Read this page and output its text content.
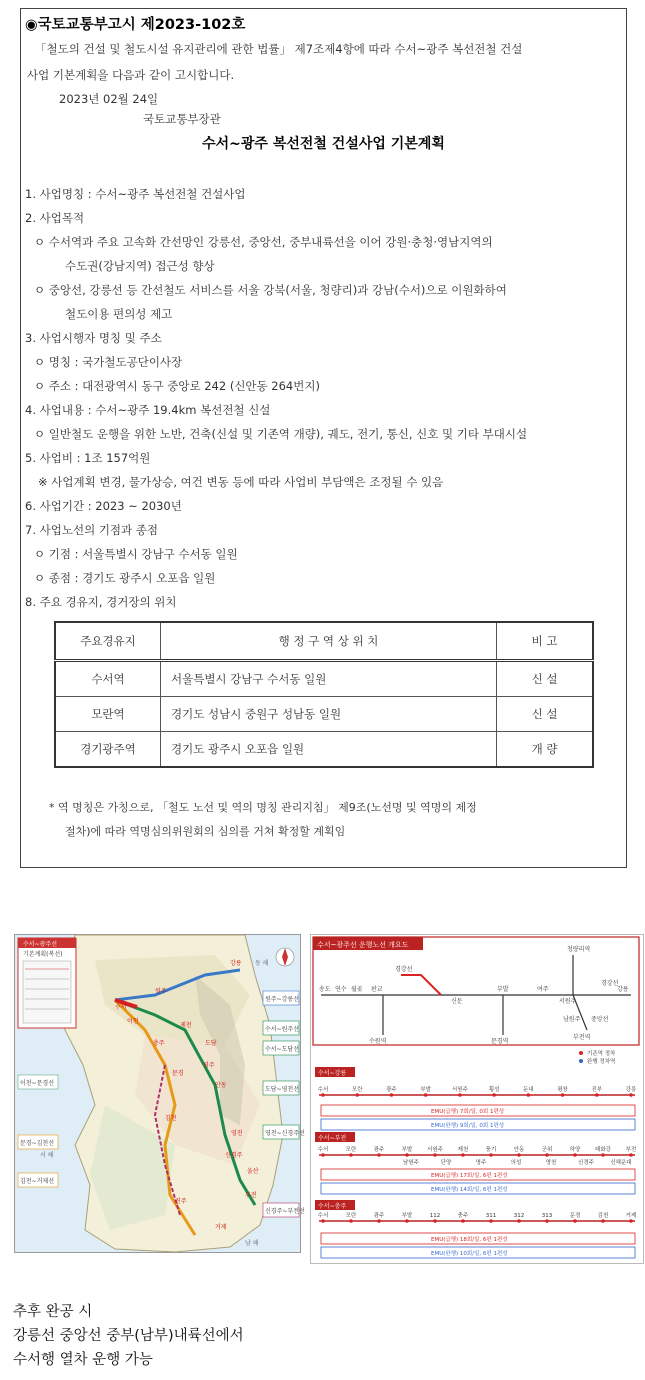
◉국토교통부고시 제2023-102호
「철도의 건설 및 철도시설 유지관리에 관한 법률」 제7조제4항에 따라 수서~광주 복선전철 건설
사업 기본계획을 다음과 같이 고시합니다.
2023년 02월 24일
국토교통부장관
수서~광주 복선전철 건설사업 기본계획
1. 사업명칭 : 수서~광주 복선전철 건설사업
2. 사업목적
ㅇ 수서역과 주요 고속화 간선망인 강릉선, 중앙선, 중부내륙선을 이어 강원·충청·영남지역의
수도권(강남지역) 접근성 향상
ㅇ 중앙선, 강릉선 등 간선철도 서비스를 서울 강북(서울, 청량리)과 강남(수서)으로 이원화하여
철도이용 편의성 제고
3. 사업시행자 명칭 및 주소
ㅇ 명칭 : 국가철도공단이사장
ㅇ 주소 : 대전광역시 동구 중앙로 242 (신안동 264번지)
4. 사업내용 : 수서~광주 19.4km 복선전철 신설
ㅇ 일반철도 운행을 위한 노반, 건축(신설 및 기존역 개량), 궤도, 전기, 통신, 신호 및 기타 부대시설
5. 사업비 : 1조 157억원
※ 사업계획 변경, 물가상승, 여건 변동 등에 따라 사업비 부담액은 조정될 수 있음
6. 사업기간 : 2023 ~ 2030년
7. 사업노선의 기점과 종점
ㅇ 기점 : 서울특별시 강남구 수서동 일원
ㅇ 종점 : 경기도 광주시 오포읍 일원
8. 주요 경유지, 경거장의 위치
주요경유지	행 정 구 역 상 위 치	비 고
수서역	서울특별시 강남구 수서동 일원	신 설
모란역	경기도 성남시 중원구 성남동 일원	신 설
경기광주역	경기도 광주시 오포읍 일원	개 량
* 역 명칭은 가칭으로, 「철도 노선 및 역의 명칭 관리지침」 제9조(노선명 및 역명의 제정
절차)에 따라 역명심의위원회의 심의를 거쳐 확정할 계획임
수서~광주선
기본계획(복선)
이천~문경선
문경~김천선
김천~거제선
원주~강릉선
수서~원주선
수서~도담선
도담~영천선
영천~신경주선
신경주~부전선
강릉
원주
제천
도담
영주
안동
문경
김천
영천
신경주
울산
부전
진주
거제
이천
충주
수서
동 해
서 해
남 해
수서~광주선 운행노선 개요도
송도 연수 월곶 판교
경강선
신둔
부발	여주
서원주
청량리역
경강선
강릉
남원주 중앙선
부전역
수원역	문경역
기존역 정차
완행 정차역
수서~강릉
EMU(급행) 7회/일, 0회 1편성
EMU(완행) 9회/일, 0회 1편성
수서~부전
EMU(급행) 17회/일, 6편 1편성
EMU(완행) 14회/일, 6편 1편성
수서~충주
EMU(급행) 18회/일, 6편 1편성
EMU(완행) 10회/일, 6편 1편성
수서	모란	광주	부발	서원주	횡성	둔내	평창	진부	강릉
수서	모란	광주	부발	서원주	제천	풍기	안동	군위	하양	태화강	부전
남원주	단양	영주	의성	영천	신경주	신해운대
수서	모란	광주	부발	112	충주	311	312	313	문경	김천	거제
추후 완공 시
강릉선 중앙선 중부(남부)내륙선에서
수서행 열차 운행 가능
